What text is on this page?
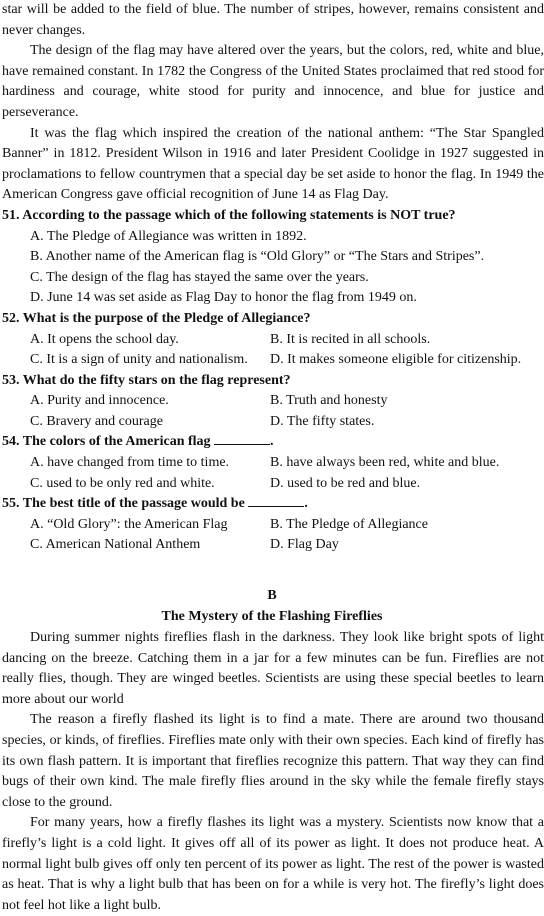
star will be added to the field of blue. The number of stripes, however, remains consistent and never changes.

The design of the flag may have altered over the years, but the colors, red, white and blue, have remained constant. In 1782 the Congress of the United States proclaimed that red stood for hardiness and courage, white stood for purity and innocence, and blue for justice and perseverance.

It was the flag which inspired the creation of the national anthem: “The Star Spangled Banner” in 1812. President Wilson in 1916 and later President Coolidge in 1927 suggested in proclamations to fellow countrymen that a special day be set aside to honor the flag. In 1949 the American Congress gave official recognition of June 14 as Flag Day.

51. According to the passage which of the following statements is NOT true?

A. The Pledge of Allegiance was written in 1892.
B. Another name of the American flag is “Old Glory” or “The Stars and Stripes”.
C. The design of the flag has stayed the same over the years.
D. June 14 was set aside as Flag Day to honor the flag from 1949 on.

52. What is the purpose of the Pledge of Allegiance?

A. It opens the school day.	B. It is recited in all schools.
C. It is a sign of unity and nationalism.	D. It makes someone eligible for citizenship.

53. What do the fifty stars on the flag represent?

A. Purity and innocence.	B. Truth and honesty
C. Bravery and courage	D. The fifty states.

54. The colors of the American flag	.

A. have changed from time to time.	B. have always been red, white and blue.
C. used to be only red and white.	D. used to be red and blue.

55. The best title of the passage would be	.

A. “Old Glory”: the American Flag	B. The Pledge of Allegiance
C. American National Anthem	D. Flag Day

B

The Mystery of the Flashing Fireflies

During summer nights fireflies flash in the darkness. They look like bright spots of light dancing on the breeze. Catching them in a jar for a few minutes can be fun. Fireflies are not really flies, though. They are winged beetles. Scientists are using these special beetles to learn more about our world

The reason a firefly flashed its light is to find a mate. There are around two thousand species, or kinds, of fireflies. Fireflies mate only with their own species. Each kind of firefly has its own flash pattern. It is important that fireflies recognize this pattern. That way they can find bugs of their own kind. The male firefly flies around in the sky while the female firefly stays close to the ground.

For many years, how a firefly flashes its light was a mystery. Scientists now know that a firefly’s light is a cold light. It gives off all of its power as light. It does not produce heat. A normal light bulb gives off only ten percent of its power as light. The rest of the power is wasted as heat. That is why a light bulb that has been on for a while is very hot. The firefly’s light does not feel hot like a light bulb.
